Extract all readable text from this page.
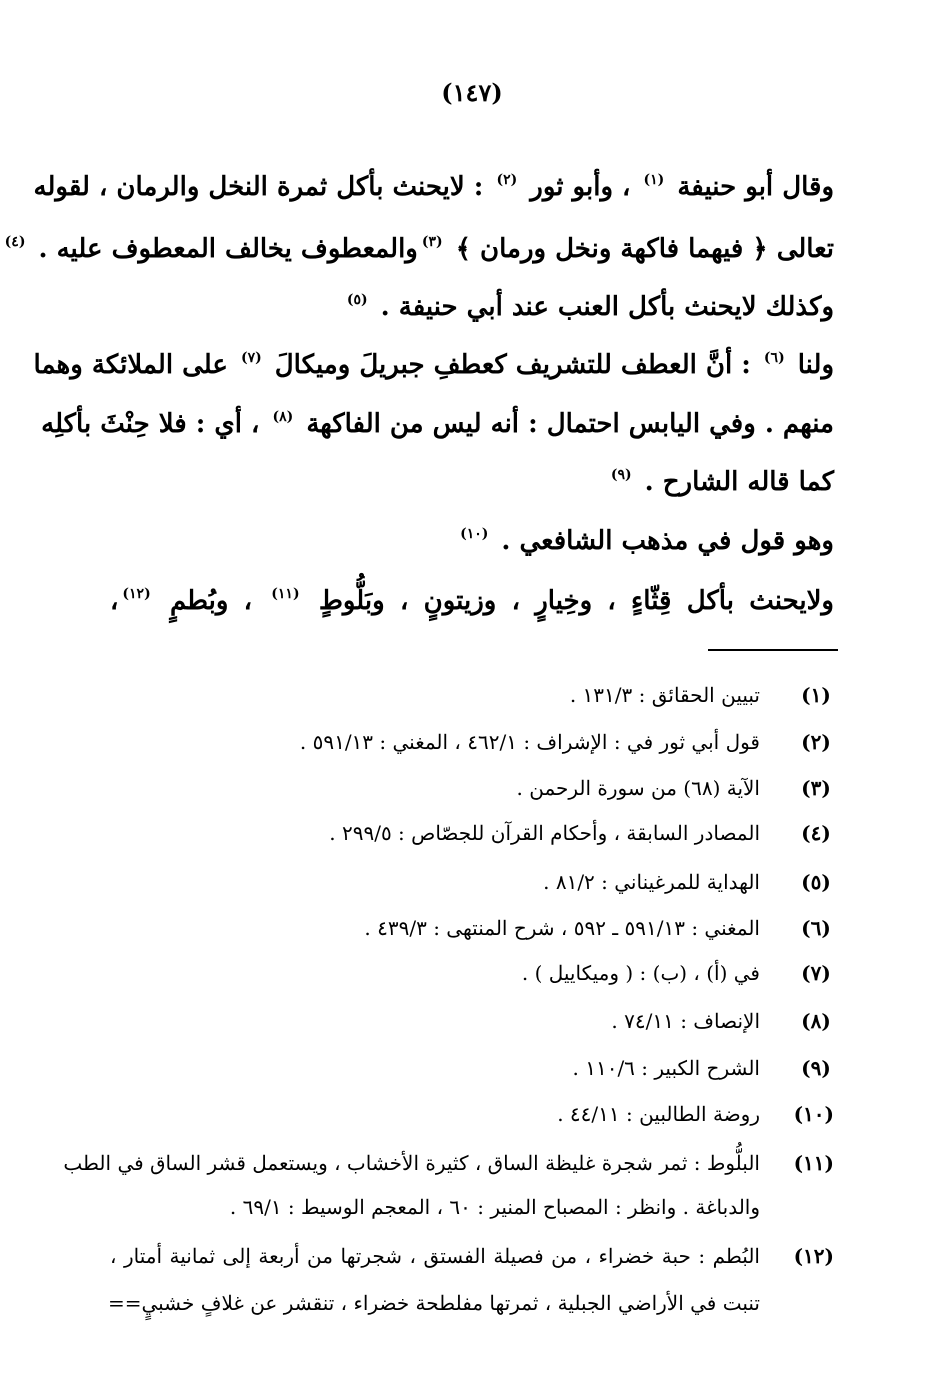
(١٤٧)
وقال أبو حنيفة $^{(١)}$ ، وأبو ثور $^{(٢)}$ : لايحنث بأكل ثمرة النخل والرمان ، لقوله
تعالى ﴿ فيهما فاكهة ونخل ورمان ﴾ $^{(٣)}$والمعطوف يخالف المعطوف عليه . $^{(٤)}$
وكذلك لايحنث بأكل العنب عند أبي حنيفة . $^{(٥)}$
ولنا $^{(٦)}$ : أنَّ العطف للتشريف كعطفِ جبريلَ وميكالَ $^{(٧)}$ على الملائكة وهما
منهم . وفي اليابس احتمال : أنه ليس من الفاكهة $^{(٨)}$ ، أي : فلا حِنْثَ بأكلِه
كما قاله الشارح . $^{(٩)}$
وهو قول في مذهب الشافعي . $^{(١٠)}$
ولايحنث بأكل قِثّاءٍ ، وخِيارٍ ، وزيتونٍ ، وبَلُّوطٍ $^{(١١)}$ ، وبُطمٍ $^{(١٢)}$،
(١)
تبيين الحقائق : ١٣١/٣ .
(٢)
قول أبي ثور في : الإشراف : ٤٦٢/١ ، المغني : ٥٩١/١٣ .
(٣)
الآية (٦٨) من سورة الرحمن .
(٤)
المصادر السابقة ، وأحكام القرآن للجصّاص : ٢٩٩/٥ .
(٥)
الهداية للمرغيناني : ٨١/٢ .
(٦)
المغني : ٥٩١/١٣ ـ ٥٩٢ ، شرح المنتهى : ٤٣٩/٣ .
(٧)
في (أ) ، (ب) : ( وميكاييل ) .
(٨)
الإنصاف : ٧٤/١١ .
(٩)
الشرح الكبير : ١١٠/٦ .
(١٠)
روضة الطالبين : ٤٤/١١ .
(١١)
البلُّوط : ثمر شجرة غليظة الساق ، كثيرة الأخشاب ، ويستعمل قشر الساق في الطب
والدباغة . وانظر : المصباح المنير : ٦٠ ، المعجم الوسيط : ٦٩/١ .
(١٢)
البُطم : حبة خضراء ، من فصيلة الفستق ، شجرتها من أربعة إلى ثمانية أمتار ،
تنبت في الأراضي الجبلية ، ثمرتها مفلطحة خضراء ، تنقشر عن غلافٍ خشبيٍ==
